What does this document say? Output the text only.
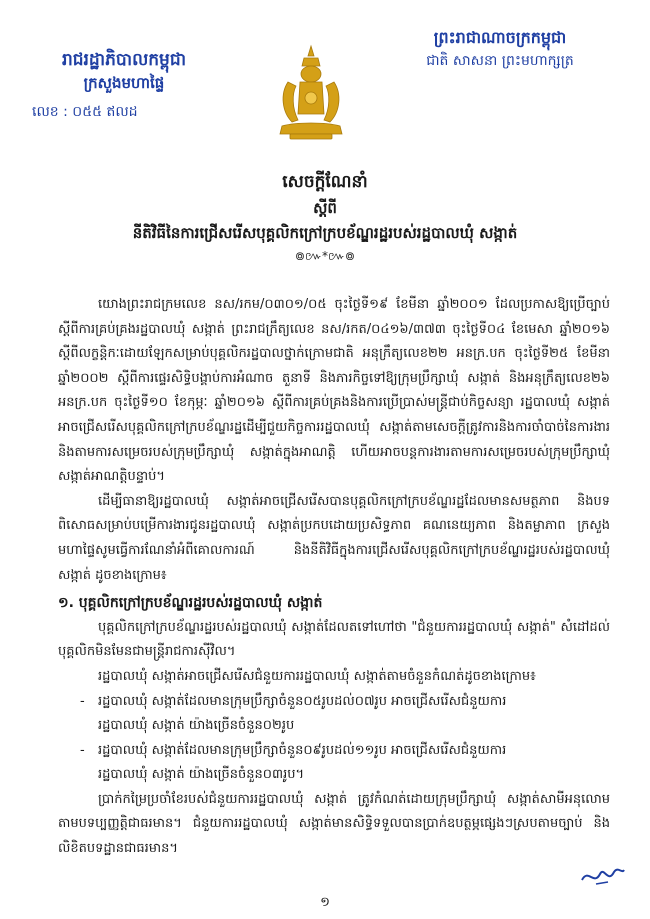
ព្រះរាជាណាចក្រកម្ពុជា
ជាតិ សាសនា ព្រះមហាក្សត្រ
រាជរដ្ឋាភិបាលកម្ពុជា
ក្រសួងមហាផ្ទៃ
លេខ : ០៥៥ ឥលដ
សេចក្តីណែនាំ
ស្តីពី
នីតិវិធីនៃការជ្រើសរើសបុគ្គលិកក្រៅក្របខ័ណ្ឌរដ្ឋរបស់រដ្ឋបាលឃុំ សង្កាត់
៙៚*៚៙

យោងព្រះរាជក្រមលេខ នស/រកម/០៣០១/០៥ ចុះថ្ងៃទី១៩ ខែមីនា ឆ្នាំ២០០១ ដែលប្រកាសឱ្យប្រើច្បាប់ស្តីពីការគ្រប់គ្រងរដ្ឋបាលឃុំ សង្កាត់ ព្រះរាជក្រឹត្យលេខ នស/រកត/០៤១៦/៣៧៣ ចុះថ្ងៃទី០៤ ខែមេសា ឆ្នាំ២០១៦ ស្តីពីលក្ខន្តិកៈដោយឡែកសម្រាប់បុគ្គលិករដ្ឋបាលថ្នាក់ក្រោមជាតិ អនុក្រឹត្យលេខ២២ អនក្រ.បក ចុះថ្ងៃទី២៥ ខែមីនា ឆ្នាំ២០០២ ស្តីពីការផ្ទេរសិទ្ធិបង្គាប់ការអំណាច តួនាទី និងភារកិច្ចទៅឱ្យក្រុមប្រឹក្សាឃុំ សង្កាត់ និងអនុក្រឹត្យលេខ២៦ អនក្រ.បក ចុះថ្ងៃទី១០ ខែកុម្ភៈ ឆ្នាំ២០១៦ ស្តីពីការគ្រប់គ្រងនិងការប្រើប្រាស់មន្ត្រីជាប់កិច្ចសន្យា រដ្ឋបាលឃុំ សង្កាត់អាចជ្រើសរើសបុគ្គលិកក្រៅក្របខ័ណ្ឌរដ្ឋដើម្បីជួយកិច្ចការរដ្ឋបាលឃុំ សង្កាត់តាមសេចក្តីត្រូវការនិងការចាំបាច់នៃការងារ និងតាមការសម្រេចរបស់ក្រុមប្រឹក្សាឃុំ សង្កាត់ក្នុងអាណត្តិ ហើយអាចបន្តការងារតាមការសម្រេចរបស់ក្រុមប្រឹក្សាឃុំ សង្កាត់អាណត្តិបន្ទាប់។

ដើម្បីធានាឱ្យរដ្ឋបាលឃុំ សង្កាត់អាចជ្រើសរើសបានបុគ្គលិកក្រៅក្របខ័ណ្ឌរដ្ឋដែលមានសមត្ថភាព និងបទពិសោធសម្រាប់បម្រើការងារជូនរដ្ឋបាលឃុំ សង្កាត់ប្រកបដោយប្រសិទ្ធភាព គណនេយ្យភាព និងតម្លាភាព ក្រសួងមហាផ្ទៃសូមធ្វើការណែនាំអំពីគោលការណ៍ និងនីតិវិធីក្នុងការជ្រើសរើសបុគ្គលិកក្រៅក្របខ័ណ្ឌរដ្ឋរបស់រដ្ឋបាលឃុំ សង្កាត់ ដូចខាងក្រោម៖

១. បុគ្គលិកក្រៅក្របខ័ណ្ឌរដ្ឋរបស់រដ្ឋបាលឃុំ សង្កាត់

បុគ្គលិកក្រៅក្របខ័ណ្ឌរដ្ឋរបស់រដ្ឋបាលឃុំ សង្កាត់ដែលតទៅហៅថា "ជំនួយការរដ្ឋបាលឃុំ សង្កាត់" សំដៅដល់បុគ្គលិកមិនមែនជាមន្ត្រីរាជការស៊ីវិល។

រដ្ឋបាលឃុំ សង្កាត់អាចជ្រើសរើសជំនួយការរដ្ឋបាលឃុំ សង្កាត់តាមចំនួនកំណត់ដូចខាងក្រោម៖

- រដ្ឋបាលឃុំ សង្កាត់ដែលមានក្រុមប្រឹក្សាចំនួន០៥រូបដល់០៧រូប អាចជ្រើសរើសជំនួយការ
រដ្ឋបាលឃុំ សង្កាត់ យ៉ាងច្រើនចំនួន០២រូប
- រដ្ឋបាលឃុំ សង្កាត់ដែលមានក្រុមប្រឹក្សាចំនួន០៩រូបដល់១១រូប អាចជ្រើសរើសជំនួយការ
រដ្ឋបាលឃុំ សង្កាត់ យ៉ាងច្រើនចំនួន០៣រូប។

ប្រាក់កម្រៃប្រចាំខែរបស់ជំនួយការរដ្ឋបាលឃុំ សង្កាត់ ត្រូវកំណត់ដោយក្រុមប្រឹក្សាឃុំ សង្កាត់សាមីអនុលោមតាមបទប្បញ្ញត្តិជាធរមាន។ ជំនួយការរដ្ឋបាលឃុំ សង្កាត់មានសិទ្ធិទទួលបានប្រាក់ឧបត្ថម្ភផ្សេងៗស្របតាមច្បាប់ និងលិខិតបទដ្ឋានជាធរមាន។

១
